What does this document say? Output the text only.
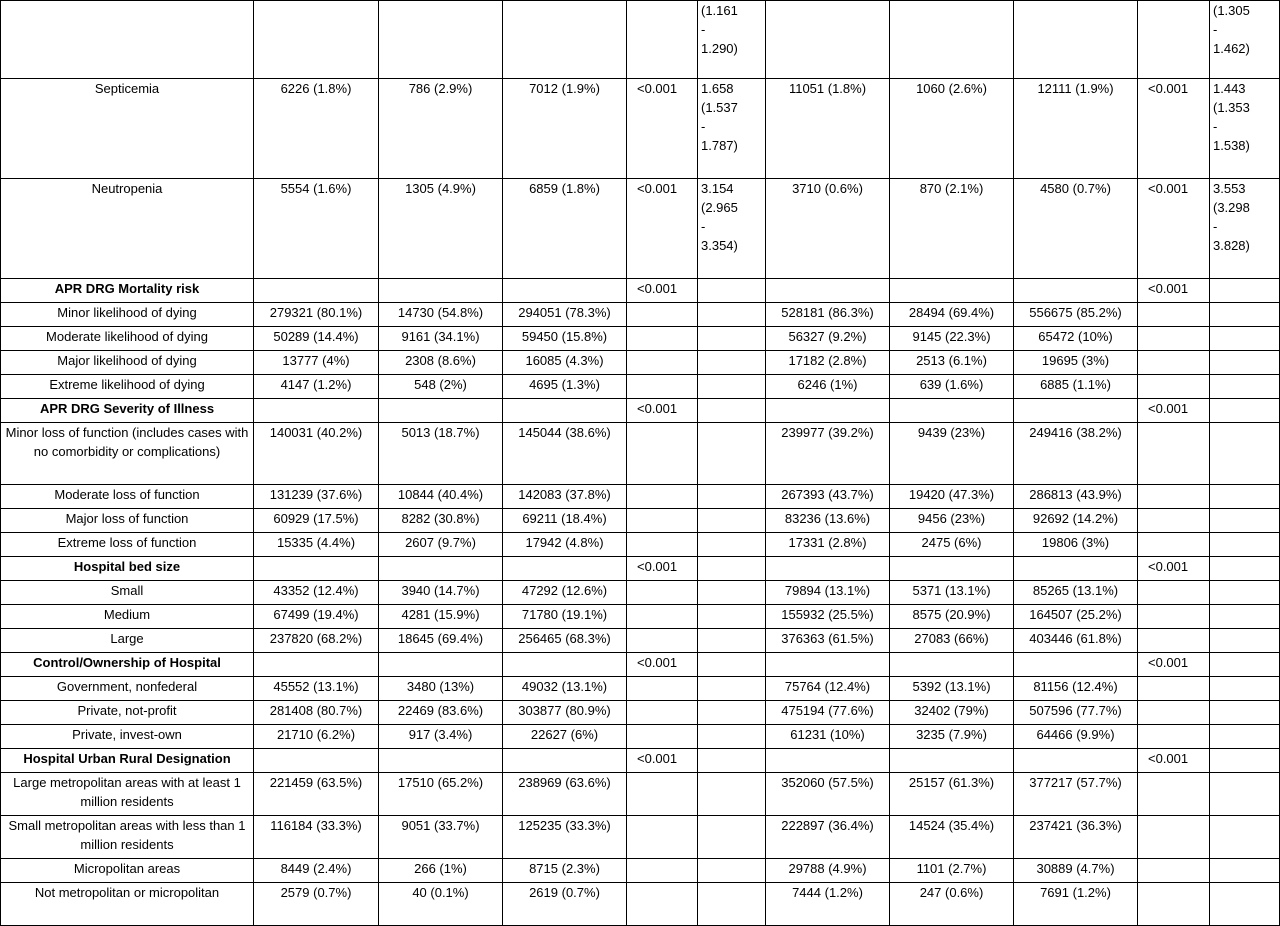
					(1.161
-
1.290)					(1.305
-
1.462)

Septicemia	6226 (1.8%)	786 (2.9%)	7012 (1.9%)	<0.001	1.658
(1.537
-
1.787)	11051 (1.8%)	1060 (2.6%)	12111 (1.9%)	<0.001	1.443
(1.353
-
1.538)

Neutropenia	5554 (1.6%)	1305 (4.9%)	6859 (1.8%)	<0.001	3.154
(2.965
-
3.354)	3710 (0.6%)	870 (2.1%)	4580 (0.7%)	<0.001	3.553
(3.298
-
3.828)

APR DRG Mortality risk				<0.001					<0.001	
Minor likelihood of dying	279321 (80.1%)	14730 (54.8%)	294051 (78.3%)			528181 (86.3%)	28494 (69.4%)	556675 (85.2%)		
Moderate likelihood of dying	50289 (14.4%)	9161 (34.1%)	59450 (15.8%)			56327 (9.2%)	9145 (22.3%)	65472 (10%)		
Major likelihood of dying	13777 (4%)	2308 (8.6%)	16085 (4.3%)			17182 (2.8%)	2513 (6.1%)	19695 (3%)		
Extreme likelihood of dying	4147 (1.2%)	548 (2%)	4695 (1.3%)			6246 (1%)	639 (1.6%)	6885 (1.1%)		
APR DRG Severity of Illness				<0.001					<0.001	
Minor loss of function (includes cases with no comorbidity or complications)	140031 (40.2%)	5013 (18.7%)	145044 (38.6%)			239977 (39.2%)	9439 (23%)	249416 (38.2%)		
Moderate loss of function	131239 (37.6%)	10844 (40.4%)	142083 (37.8%)			267393 (43.7%)	19420 (47.3%)	286813 (43.9%)		
Major loss of function	60929 (17.5%)	8282 (30.8%)	69211 (18.4%)			83236 (13.6%)	9456 (23%)	92692 (14.2%)		
Extreme loss of function	15335 (4.4%)	2607 (9.7%)	17942 (4.8%)			17331 (2.8%)	2475 (6%)	19806 (3%)		
Hospital bed size				<0.001					<0.001	
Small	43352 (12.4%)	3940 (14.7%)	47292 (12.6%)			79894 (13.1%)	5371 (13.1%)	85265 (13.1%)		
Medium	67499 (19.4%)	4281 (15.9%)	71780 (19.1%)			155932 (25.5%)	8575 (20.9%)	164507 (25.2%)		
Large	237820 (68.2%)	18645 (69.4%)	256465 (68.3%)			376363 (61.5%)	27083 (66%)	403446 (61.8%)		
Control/Ownership of Hospital				<0.001					<0.001	
Government, nonfederal	45552 (13.1%)	3480 (13%)	49032 (13.1%)			75764 (12.4%)	5392 (13.1%)	81156 (12.4%)		
Private, not-profit	281408 (80.7%)	22469 (83.6%)	303877 (80.9%)			475194 (77.6%)	32402 (79%)	507596 (77.7%)		
Private, invest-own	21710 (6.2%)	917 (3.4%)	22627 (6%)			61231 (10%)	3235 (7.9%)	64466 (9.9%)		
Hospital Urban Rural Designation				<0.001					<0.001	
Large metropolitan areas with at least 1 million residents	221459 (63.5%)	17510 (65.2%)	238969 (63.6%)			352060 (57.5%)	25157 (61.3%)	377217 (57.7%)		
Small metropolitan areas with less than 1 million residents	116184 (33.3%)	9051 (33.7%)	125235 (33.3%)			222897 (36.4%)	14524 (35.4%)	237421 (36.3%)		
Micropolitan areas	8449 (2.4%)	266 (1%)	8715 (2.3%)			29788 (4.9%)	1101 (2.7%)	30889 (4.7%)		
Not metropolitan or micropolitan	2579 (0.7%)	40 (0.1%)	2619 (0.7%)			7444 (1.2%)	247 (0.6%)	7691 (1.2%)		
